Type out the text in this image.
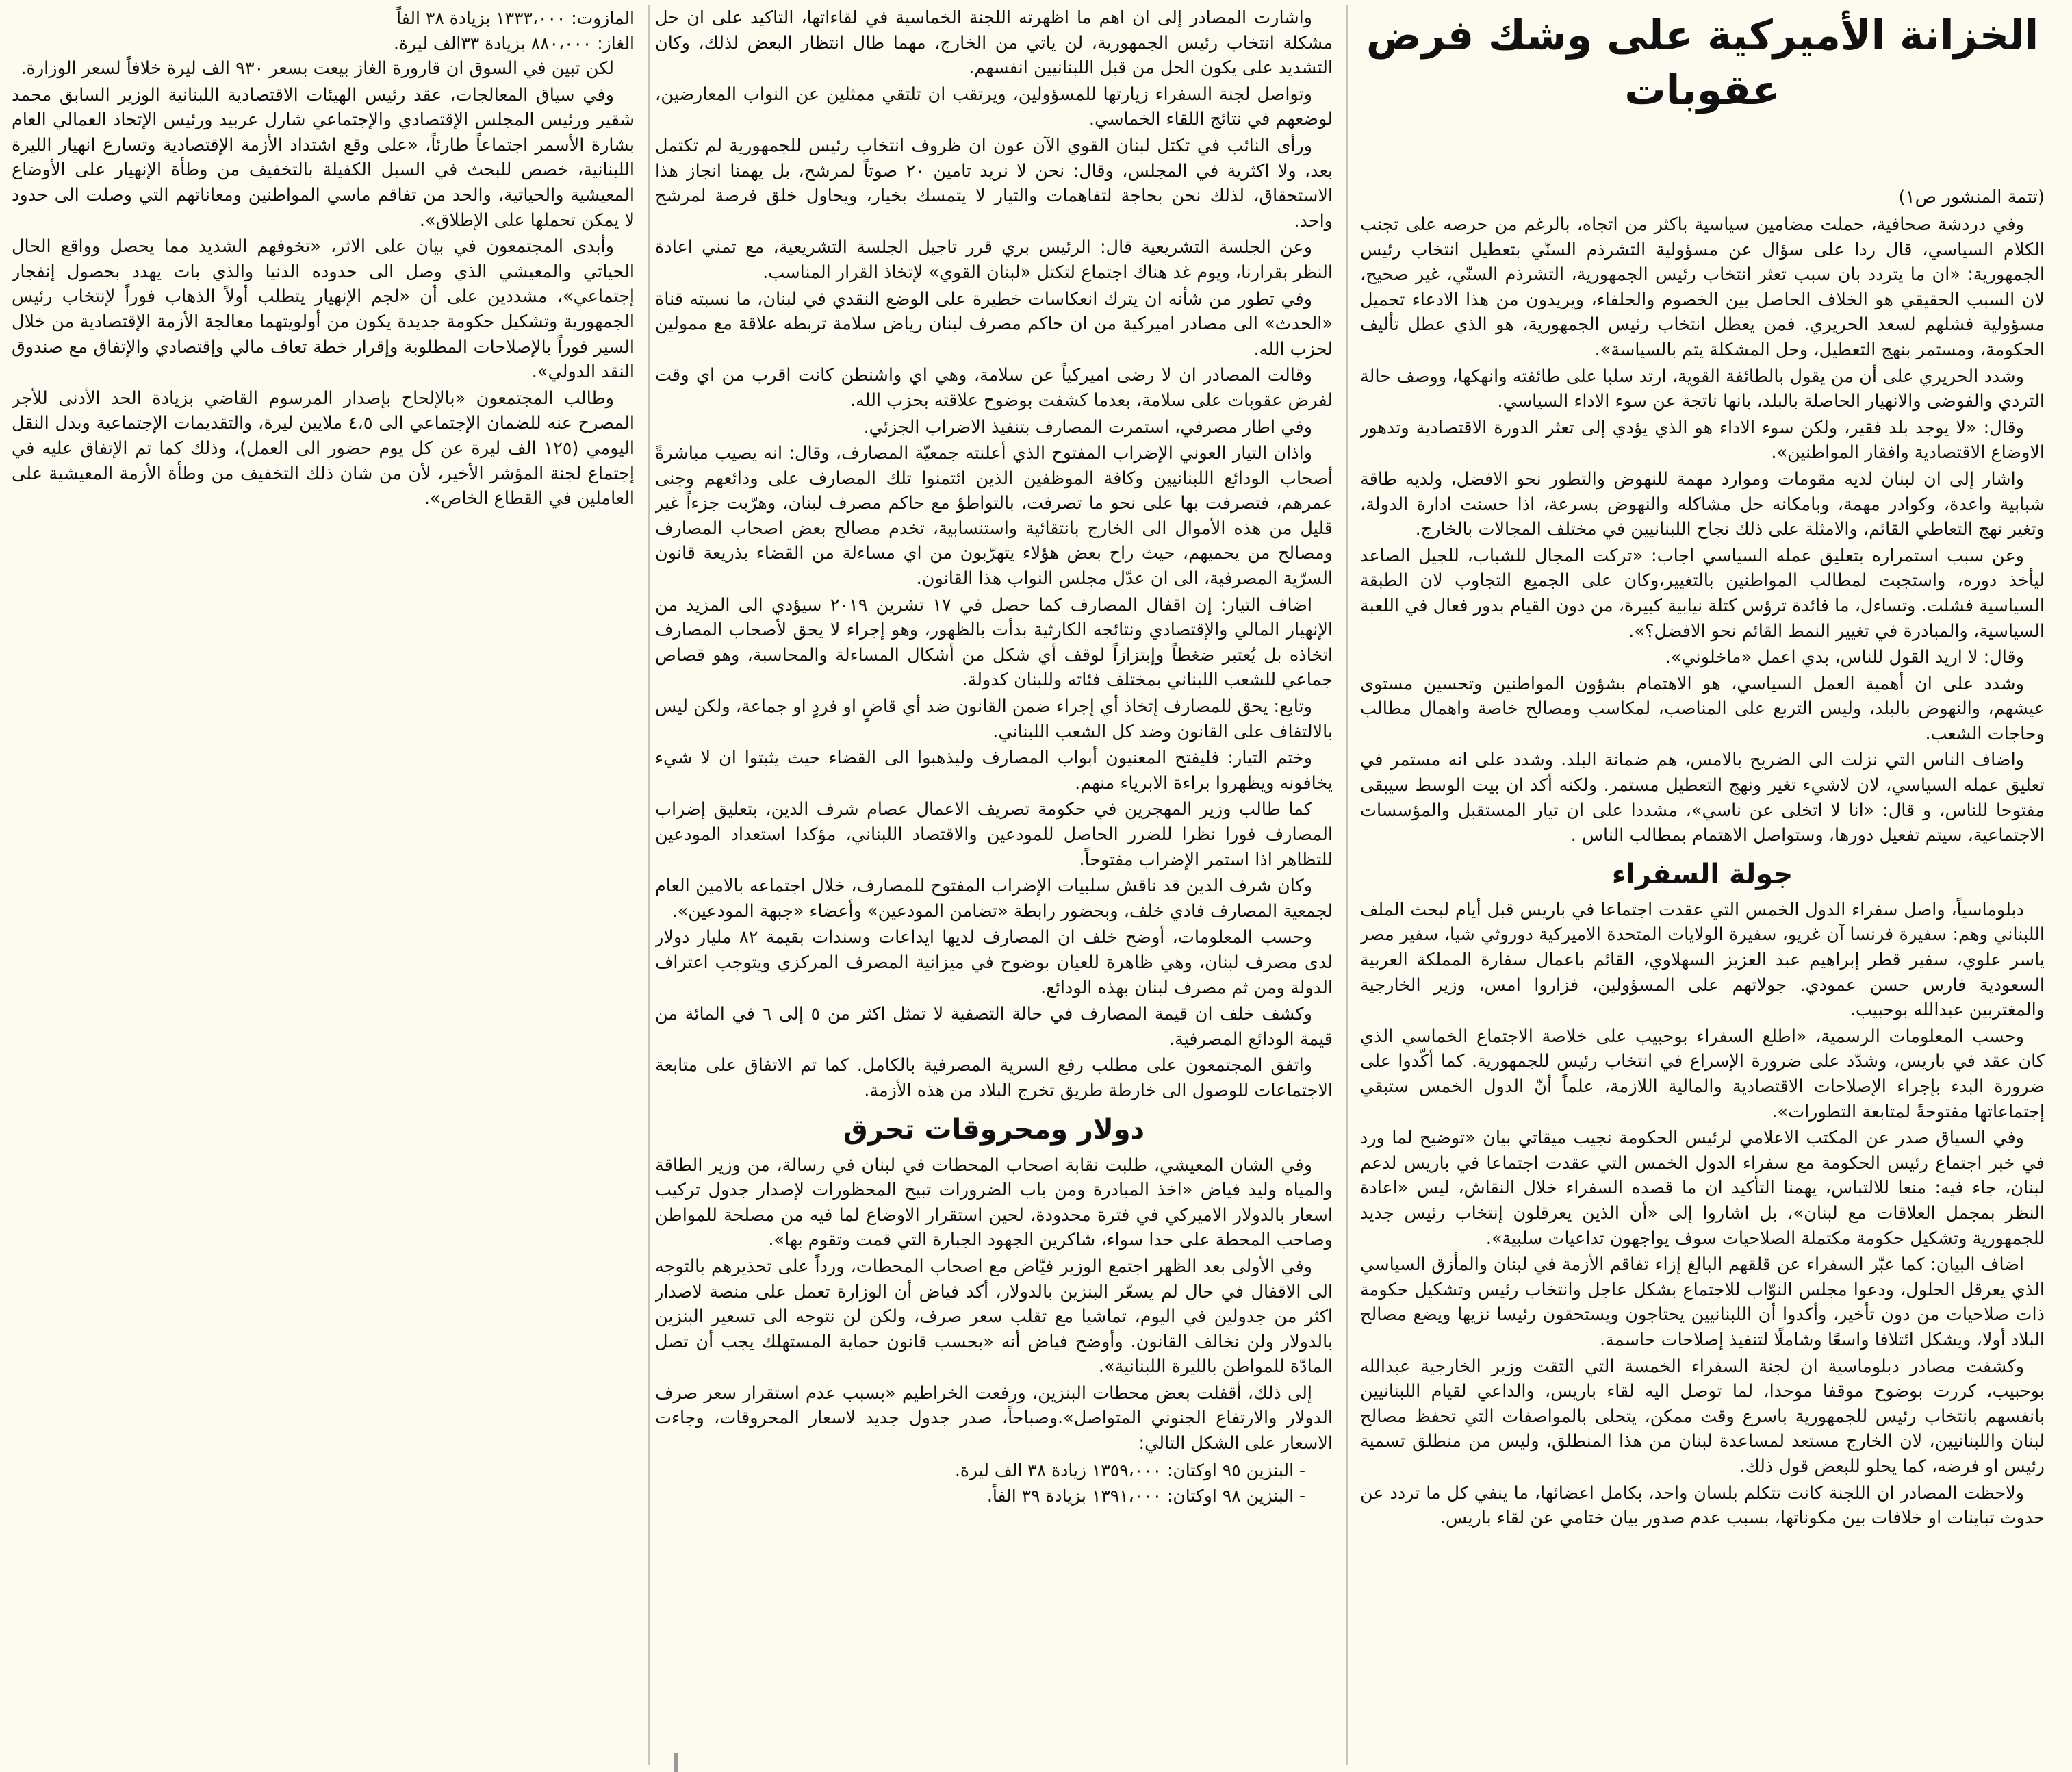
الخزانة الأميركية على وشك فرض عقوبات
(تتمة المنشور ص١)

وفي دردشة صحافية، حملت مضامين سياسية باكثر من اتجاه، بالرغم من حرصه على تجنب الكلام السياسي، قال ردا على سؤال عن مسؤولية التشرذم السنّي بتعطيل انتخاب رئيس الجمهورية: «ان ما يتردد بان سبب تعثر انتخاب رئيس الجمهورية، التشرذم السنّي، غير صحيح، لان السبب الحقيقي هو الخلاف الحاصل بين الخصوم والحلفاء، ويريدون من هذا الادعاء تحميل مسؤولية فشلهم لسعد الحريري. فمن يعطل انتخاب رئيس الجمهورية، هو الذي عطل تأليف الحكومة، ومستمر بنهج التعطيل، وحل المشكلة يتم بالسياسة».

وشدد الحريري على أن من يقول بالطائفة القوية، ارتد سلبا على طائفته وانهكها، ووصف حالة التردي والفوضى والانهيار الحاصلة بالبلد، بانها ناتجة عن سوء الاداء السياسي.

وقال: «لا يوجد بلد فقير، ولكن سوء الاداء هو الذي يؤدي إلى تعثر الدورة الاقتصادية وتدهور الاوضاع الاقتصادية وافقار المواطنين».

واشار إلى ان لبنان لديه مقومات وموارد مهمة للنهوض والتطور نحو الافضل، ولديه طاقة شبابية واعدة، وكوادر مهمة، وبامكانه حل مشاكله والنهوض بسرعة، اذا حسنت ادارة الدولة، وتغير نهج التعاطي القائم، والامثلة على ذلك نجاح اللبنانيين في مختلف المجالات بالخارج.

وعن سبب استمراره بتعليق عمله السياسي اجاب: «تركت المجال للشباب، للجيل الصاعد ليأخذ دوره، واستجبت لمطالب المواطنين بالتغيير،وكان على الجميع التجاوب لان الطبقة السياسية فشلت. وتساءل، ما فائدة ترؤس كتلة نيابية كبيرة، من دون القيام بدور فعال في اللعبة السياسية، والمبادرة في تغيير النمط القائم نحو الافضل؟».

وقال: لا اريد القول للناس، بدي اعمل «ماخلوني».

وشدد على ان أهمية العمل السياسي، هو الاهتمام بشؤون المواطنين وتحسين مستوى عيشهم، والنهوض بالبلد، وليس التربع على المناصب، لمكاسب ومصالح خاصة واهمال مطالب وحاجات الشعب.

واضاف الناس التي نزلت الى الضريح بالامس، هم ضمانة البلد. وشدد على انه مستمر في تعليق عمله السياسي، لان لاشيء تغير ونهج التعطيل مستمر. ولكنه أكد ان بيت الوسط سيبقى مفتوحا للناس، و قال: «انا لا اتخلى عن ناسي»، مشددا على ان تيار المستقبل والمؤسسات الاجتماعية، سيتم تفعيل دورها، وستواصل الاهتمام بمطالب الناس .

جولة السفراء

دبلوماسياً، واصل سفراء الدول الخمس التي عقدت اجتماعا في باريس قبل أيام لبحث الملف اللبناني وهم: سفيرة فرنسا آن غريو، سفيرة الولايات المتحدة الاميركية دوروثي شيا، سفير مصر ياسر علوي، سفير قطر إبراهيم عبد العزيز السهلاوي، القائم باعمال سفارة المملكة العربية السعودية فارس حسن عمودي. جولاتهم على المسؤولين، فزاروا امس، وزير الخارجية والمغتربين عبدالله بوحبيب.

وحسب المعلومات الرسمية، «اطلع السفراء بوحبيب على خلاصة الاجتماع الخماسي الذي كان عقد في باريس، وشدّد على ضرورة الإسراع في انتخاب رئيس للجمهورية. كما أكّدوا على ضرورة البدء بإجراء الإصلاحات الاقتصادية والمالية اللازمة، علماً أنّ الدول الخمس ستبقي إجتماعاتها مفتوحةً لمتابعة التطورات».

وفي السياق صدر عن المكتب الاعلامي لرئيس الحكومة نجيب ميقاتي بيان «توضيح لما ورد في خبر اجتماع رئيس الحكومة مع سفراء الدول الخمس التي عقدت اجتماعا في باريس لدعم لبنان، جاء فيه: منعا للالتباس، يهمنا التأكيد ان ما قصده السفراء خلال النقاش، ليس «اعادة النظر بمجمل العلاقات مع لبنان»، بل اشاروا إلى «أن الذين يعرقلون إنتخاب رئيس جديد للجمهورية وتشكيل حكومة مكتملة الصلاحيات سوف يواجهون تداعيات سلبية».

اضاف البيان: كما عبّر السفراء عن قلقهم البالغ إزاء تفاقم الأزمة في لبنان والمأزق السياسي الذي يعرقل الحلول، ودعوا مجلس النوّاب للاجتماع بشكل عاجل وانتخاب رئيس وتشكيل حكومة ذات صلاحيات من دون تأخير، وأكدوا أن اللبنانيين يحتاجون ويستحقون رئيسا نزيها ويضع مصالح البلاد أولا، ويشكل ائتلافا واسعًا وشاملًا لتنفيذ إصلاحات حاسمة.

وكشفت مصادر دبلوماسية ان لجنة السفراء الخمسة التي التقت وزير الخارجية عبدالله بوحبيب، كررت بوضوح موقفا موحدا، لما توصل اليه لقاء باريس، والداعي لقيام اللبنانيين بانفسهم بانتخاب رئيس للجمهورية باسرع وقت ممكن، يتحلى بالمواصفات التي تحفظ مصالح لبنان واللبنانيين، لان الخارج مستعد لمساعدة لبنان من هذا المنطلق، وليس من منطلق تسمية رئيس او فرضه، كما يحلو للبعض قول ذلك.

ولاحظت المصادر ان اللجنة كانت تتكلم بلسان واحد، بكامل اعضائها، ما ينفي كل ما تردد عن حدوث تباينات او خلافات بين مكوناتها، بسبب عدم صدور بيان ختامي عن لقاء باريس.

واشارت المصادر إلى ان اهم ما اظهرته اللجنة الخماسية في لقاءاتها، التاكيد على ان حل مشكلة انتخاب رئيس الجمهورية، لن ياتي من الخارج، مهما طال انتظار البعض لذلك، وكان التشديد على يكون الحل من قبل اللبنانيين انفسهم.

وتواصل لجنة السفراء زيارتها للمسؤولين، ويرتقب ان تلتقي ممثلين عن النواب المعارضين، لوضعهم في نتائج اللقاء الخماسي.

ورأى النائب في تكتل لبنان القوي الآن عون ان ظروف انتخاب رئيس للجمهورية لم تكتمل بعد، ولا اكثرية في المجلس، وقال: نحن لا نريد تامين ٢٠ صوتاً لمرشح، بل يهمنا انجاز هذا الاستحقاق، لذلك نحن بحاجة لتفاهمات والتيار لا يتمسك بخيار، ويحاول خلق فرصة لمرشح واحد.

وعن الجلسة التشريعية قال: الرئيس بري قرر تاجيل الجلسة التشريعية، مع تمني اعادة النظر بقرارنا، ويوم غد هناك اجتماع لتكتل «لبنان القوي» لإتخاذ القرار المناسب.

وفي تطور من شأنه ان يترك انعكاسات خطيرة على الوضع النقدي في لبنان، ما نسبته قناة «الحدث» الى مصادر اميركية من ان حاكم مصرف لبنان رياض سلامة تربطه علاقة مع ممولين لحزب الله.

وقالت المصادر ان لا رضى اميركياً عن سلامة، وهي اي واشنطن كانت اقرب من اي وقت لفرض عقوبات على سلامة، بعدما كشفت بوضوح علاقته بحزب الله.

وفي اطار مصرفي، استمرت المصارف بتنفيذ الاضراب الجزئي.

واذان التيار العوني الإضراب المفتوح الذي أعلنته جمعيّة المصارف، وقال: انه يصيب مباشرةً أصحاب الودائع اللبنانيين وكافة الموظفين الذين ائتمنوا تلك المصارف على ودائعهم وجنى عمرهم، فتصرفت بها على نحو ما تصرفت، بالتواطؤ مع حاكم مصرف لبنان، وهرّبت جزءاً غير قليل من هذه الأموال الى الخارج بانتقائية واستنسابية، تخدم مصالح بعض اصحاب المصارف ومصالح من يحميهم، حيث راح بعض هؤلاء يتهرّبون من اي مساءلة من القضاء بذريعة قانون السرّية المصرفية، الى ان عدّل مجلس النواب هذا القانون.

اضاف التيار: إن اقفال المصارف كما حصل في ١٧ تشرين ٢٠١٩ سيؤدي الى المزيد من الإنهيار المالي والإقتصادي ونتائجه الكارثية بدأت بالظهور، وهو إجراء لا يحق لأصحاب المصارف اتخاذه بل يُعتبر ضغطاً وإبتزازاً لوقف أي شكل من أشكال المساءلة والمحاسبة، وهو قصاص جماعي للشعب اللبناني بمختلف فئاته وللبنان كدولة.

وتابع: يحق للمصارف إتخاذ أي إجراء ضمن القانون ضد أي قاضٍ او فردٍ او جماعة، ولكن ليس بالالتفاف على القانون وضد كل الشعب اللبناني.

وختم التيار: فليفتح المعنيون أبواب المصارف وليذهبوا الى القضاء حيث يثبتوا ان لا شيء يخافونه ويظهروا براءة الابرياء منهم.

كما طالب وزير المهجرين في حكومة تصريف الاعمال عصام شرف الدين، بتعليق إضراب المصارف فورا نظرا للضرر الحاصل للمودعين والاقتصاد اللبناني، مؤكدا استعداد المودعين للتظاهر اذا استمر الإضراب مفتوحاً.

وكان شرف الدين قد ناقش سلبيات الإضراب المفتوح للمصارف، خلال اجتماعه بالامين العام لجمعية المصارف فادي خلف، وبحضور رابطة «تضامن المودعين» وأعضاء «جبهة المودعين».

وحسب المعلومات، أوضح خلف ان المصارف لديها ايداعات وسندات بقيمة ٨٢ مليار دولار لدى مصرف لبنان، وهي ظاهرة للعيان بوضوح في ميزانية المصرف المركزي ويتوجب اعتراف الدولة ومن ثم مصرف لبنان بهذه الودائع.

وكشف خلف ان قيمة المصارف في حالة التصفية لا تمثل اكثر من ٥ إلى ٦ في المائة من قيمة الودائع المصرفية.

واتفق المجتمعون على مطلب رفع السرية المصرفية بالكامل. كما تم الاتفاق على متابعة الاجتماعات للوصول الى خارطة طريق تخرج البلاد من هذه الأزمة.

دولار ومحروقات تحرق

وفي الشان المعيشي، طلبت نقابة اصحاب المحطات في لبنان في رسالة، من وزير الطاقة والمياه وليد فياض «اخذ المبادرة ومن باب الضرورات تبيح المحظورات لإصدار جدول تركيب اسعار بالدولار الاميركي في فترة محدودة، لحين استقرار الاوضاع لما فيه من مصلحة للمواطن وصاحب المحطة على حدا سواء، شاكرين الجهود الجبارة التي قمت وتقوم بها».

وفي الأولى بعد الظهر اجتمع الوزير فيّاض مع اصحاب المحطات، ورداً على تحذيرهم بالتوجه الى الاقفال في حال لم يسعّر البنزين بالدولار، أكد فياض أن الوزارة تعمل على منصة لاصدار اكثر من جدولين في اليوم، تماشيا مع تقلب سعر صرف، ولكن لن نتوجه الى تسعير البنزين بالدولار ولن نخالف القانون. وأوضح فياض أنه «بحسب قانون حماية المستهلك يجب أن تصل المادّة للمواطن بالليرة اللبنانية».

إلى ذلك، أقفلت بعض محطات البنزين، ورفعت الخراطيم «بسبب عدم استقرار سعر صرف الدولار والارتفاع الجنوني المتواصل».وصباحاً، صدر جدول جديد لاسعار المحروقات، وجاءت الاسعار على الشكل التالي:

- البنزين ٩٥ اوكتان: ١٣٥٩،٠٠٠ زيادة ٣٨ الف ليرة.

- البنزين ٩٨ اوكتان: ١٣٩١،٠٠٠ بزيادة ٣٩ الفاً.

المازوت: ١٣٣٣،٠٠٠ بزيادة ٣٨ الفاً

الغاز: ٨٨٠،٠٠٠ بزيادة ٣٣الف ليرة.

لكن تبين في السوق ان قارورة الغاز بيعت بسعر ٩٣٠ الف ليرة خلافاً لسعر الوزارة.

وفي سياق المعالجات، عقد رئيس الهيئات الاقتصادية اللبنانية الوزير السابق محمد شقير ورئيس المجلس الإقتصادي والإجتماعي شارل عربيد ورئيس الإتحاد العمالي العام بشارة الأسمر اجتماعاً طارئاً، «على وقع اشتداد الأزمة الإقتصادية وتسارع انهيار الليرة اللبنانية، خصص للبحث في السبل الكفيلة بالتخفيف من وطأة الإنهيار على الأوضاع المعيشية والحياتية، والحد من تفاقم ماسي المواطنين ومعاناتهم التي وصلت الى حدود لا يمكن تحملها على الإطلاق».

وأبدى المجتمعون في بيان على الاثر، «تخوفهم الشديد مما يحصل وواقع الحال الحياتي والمعيشي الذي وصل الى حدوده الدنيا والذي بات يهدد بحصول إنفجار إجتماعي»، مشددين على أن «لجم الإنهيار يتطلب أولاً الذهاب فوراً لإنتخاب رئيس الجمهورية وتشكيل حكومة جديدة يكون من أولويتهما معالجة الأزمة الإقتصادية من خلال السير فوراً بالإصلاحات المطلوبة وإقرار خطة تعاف مالي وإقتصادي والإتفاق مع صندوق النقد الدولي».

وطالب المجتمعون «بالإلحاح بإصدار المرسوم القاضي بزيادة الحد الأدنى للأجر المصرح عنه للضمان الإجتماعي الى ٤،٥ ملايين ليرة، والتقديمات الإجتماعية وبدل النقل اليومي (١٢٥ الف ليرة عن كل يوم حضور الى العمل)، وذلك كما تم الإتفاق عليه في إجتماع لجنة المؤشر الأخير، لأن من شان ذلك التخفيف من وطأة الأزمة المعيشية على العاملين في القطاع الخاص».
